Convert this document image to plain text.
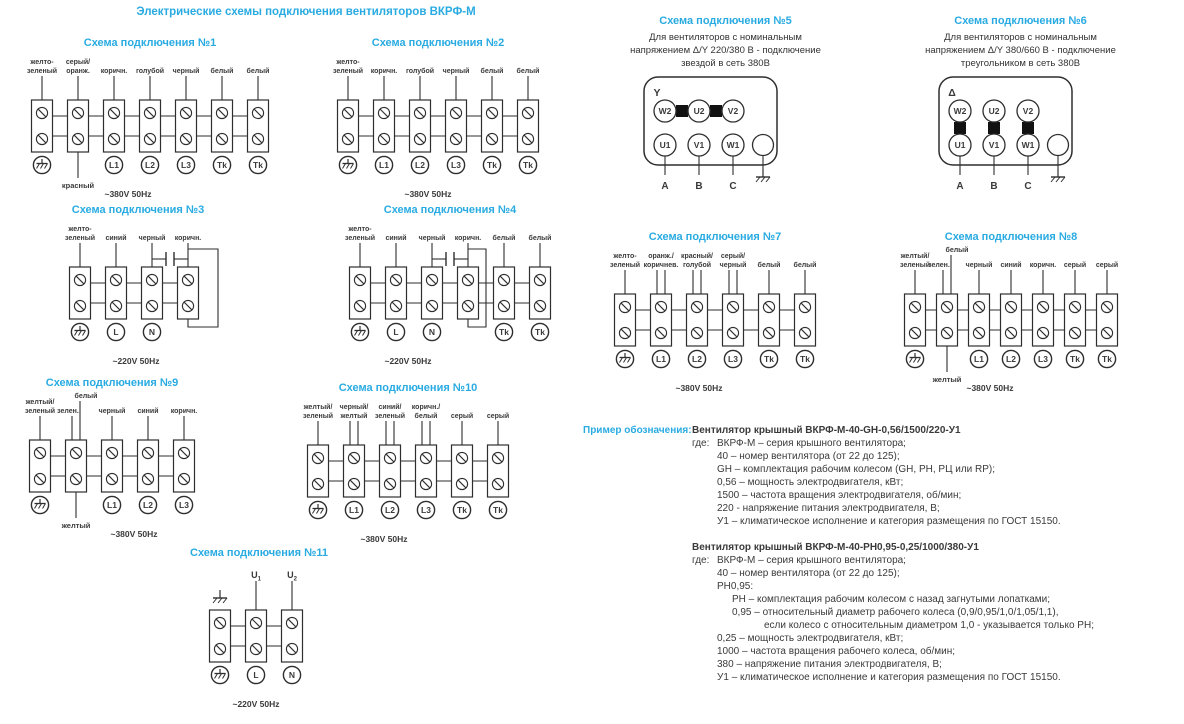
Электрические схемы подключения вентиляторов ВКРФ-М
Схема подключения №1
желто-
зеленый
серый/
оранж.
красный
коричн.
L1
голубой
L2
черный
L3
белый
Tk
белый
Tk
~380V 50Hz
Схема подключения №2
желто-
зеленый коричн.
L1
голубой
L2
черный
L3
белый
Tk
белый
Tk
~380V 50Hz
Схема подключения №3
желто-
зеленый синий
L
черный
N
коричн.
~220V 50Hz
Схема подключения №4
желто-
зеленый синий
L
черный
N
коричн. белый
Tk
белый
Tk
~220V 50Hz
Схема подключения №5
Для вентиляторов с номинальным
напряжением Δ/Y 220/380 В - подключение
звездой в сеть 380В
Y
W2	U2	V2
U1	V1	W1
A	B	C
Схема подключения №6
Для вентиляторов с номинальным
напряжением Δ/Y 380/660 В - подключение
треугольником в сеть 380В
Δ
W2	U2	V2
U1	V1	W1
A	B	C
Схема подключения №7
желто-
зеленый
оранж./
коричнев.
L1
красный/
голубой
L2
серый/
черный
L3
белый
Tk
белый
Tk
~380V 50Hz
Схема подключения №8
желтый/
зеленый
зелен.
белый
желтый
черный
L1
синий
L2
коричн.
L3
серый
Tk
серый
Tk
~380V 50Hz
Схема подключения №9
желтый/
зеленый зелен.
белый
желтый
черный
L1
синий
L2
коричн.
L3
~380V 50Hz
Схема подключения №10
желтый/
зеленый
черный/
желтый
L1
синий/
зеленый
L2
коричн./
белый
L3
серый
Tk
серый
Tk
~380V 50Hz
Схема подключения №11
$U_1$
L
$U_2$
N
~220V 50Hz
Пример обозначения: Вентилятор крышный ВКРФ-М-40-GH-0,56/1500/220-У1
где: ВКРФ-М – серия крышного вентилятора;
40 – номер вентилятора (от 22 до 125);
GH – комплектация рабочим колесом (GH, PH, РЦ или RP);
0,56 – мощность электродвигателя, кВт;
1500 – частота вращения электродвигателя, об/мин;
220 - напряжение питания электродвигателя, В;
У1 – климатическое исполнение и категория размещения по ГОСТ 15150.
Вентилятор крышный ВКРФ-М-40-РН0,95-0,25/1000/380-У1
где: ВКРФ-М – серия крышного вентилятора;
40 – номер вентилятора (от 22 до 125);
РН0,95:
РН – комплектация рабочим колесом с назад загнутыми лопатками;
0,95 – относительный диаметр рабочего колеса (0,9/0,95/1,0/1,05/1,1),
если колесо с относительным диаметром 1,0 - указывается только РН;
0,25 – мощность электродвигателя, кВт;
1000 – частота вращения рабочего колеса, об/мин;
380 – напряжение питания электродвигателя, В;
У1 – климатическое исполнение и категория размещения по ГОСТ 15150.
